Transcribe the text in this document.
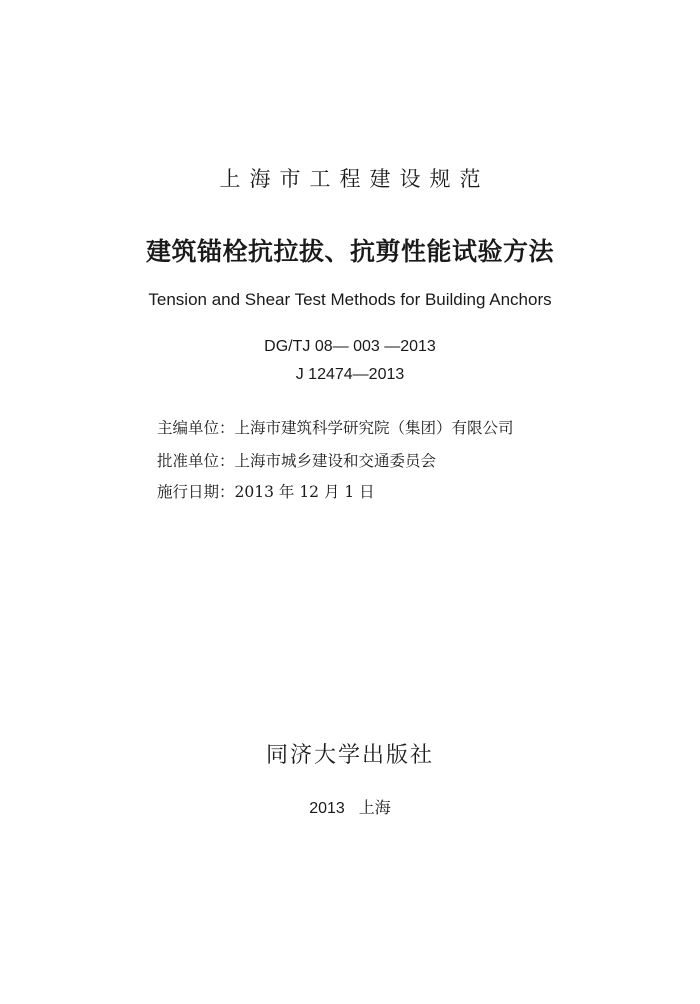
上海市工程建设规范
建筑锚栓抗拉拔、抗剪性能试验方法
Tension and Shear Test Methods for Building Anchors
DG/TJ 08— 003 —2013
J 12474—2013
主编单位：上海市建筑科学研究院（集团）有限公司
批准单位：上海市城乡建设和交通委员会
施行日期：2013 年 12 月 1 日
同济大学出版社
2013 上海
